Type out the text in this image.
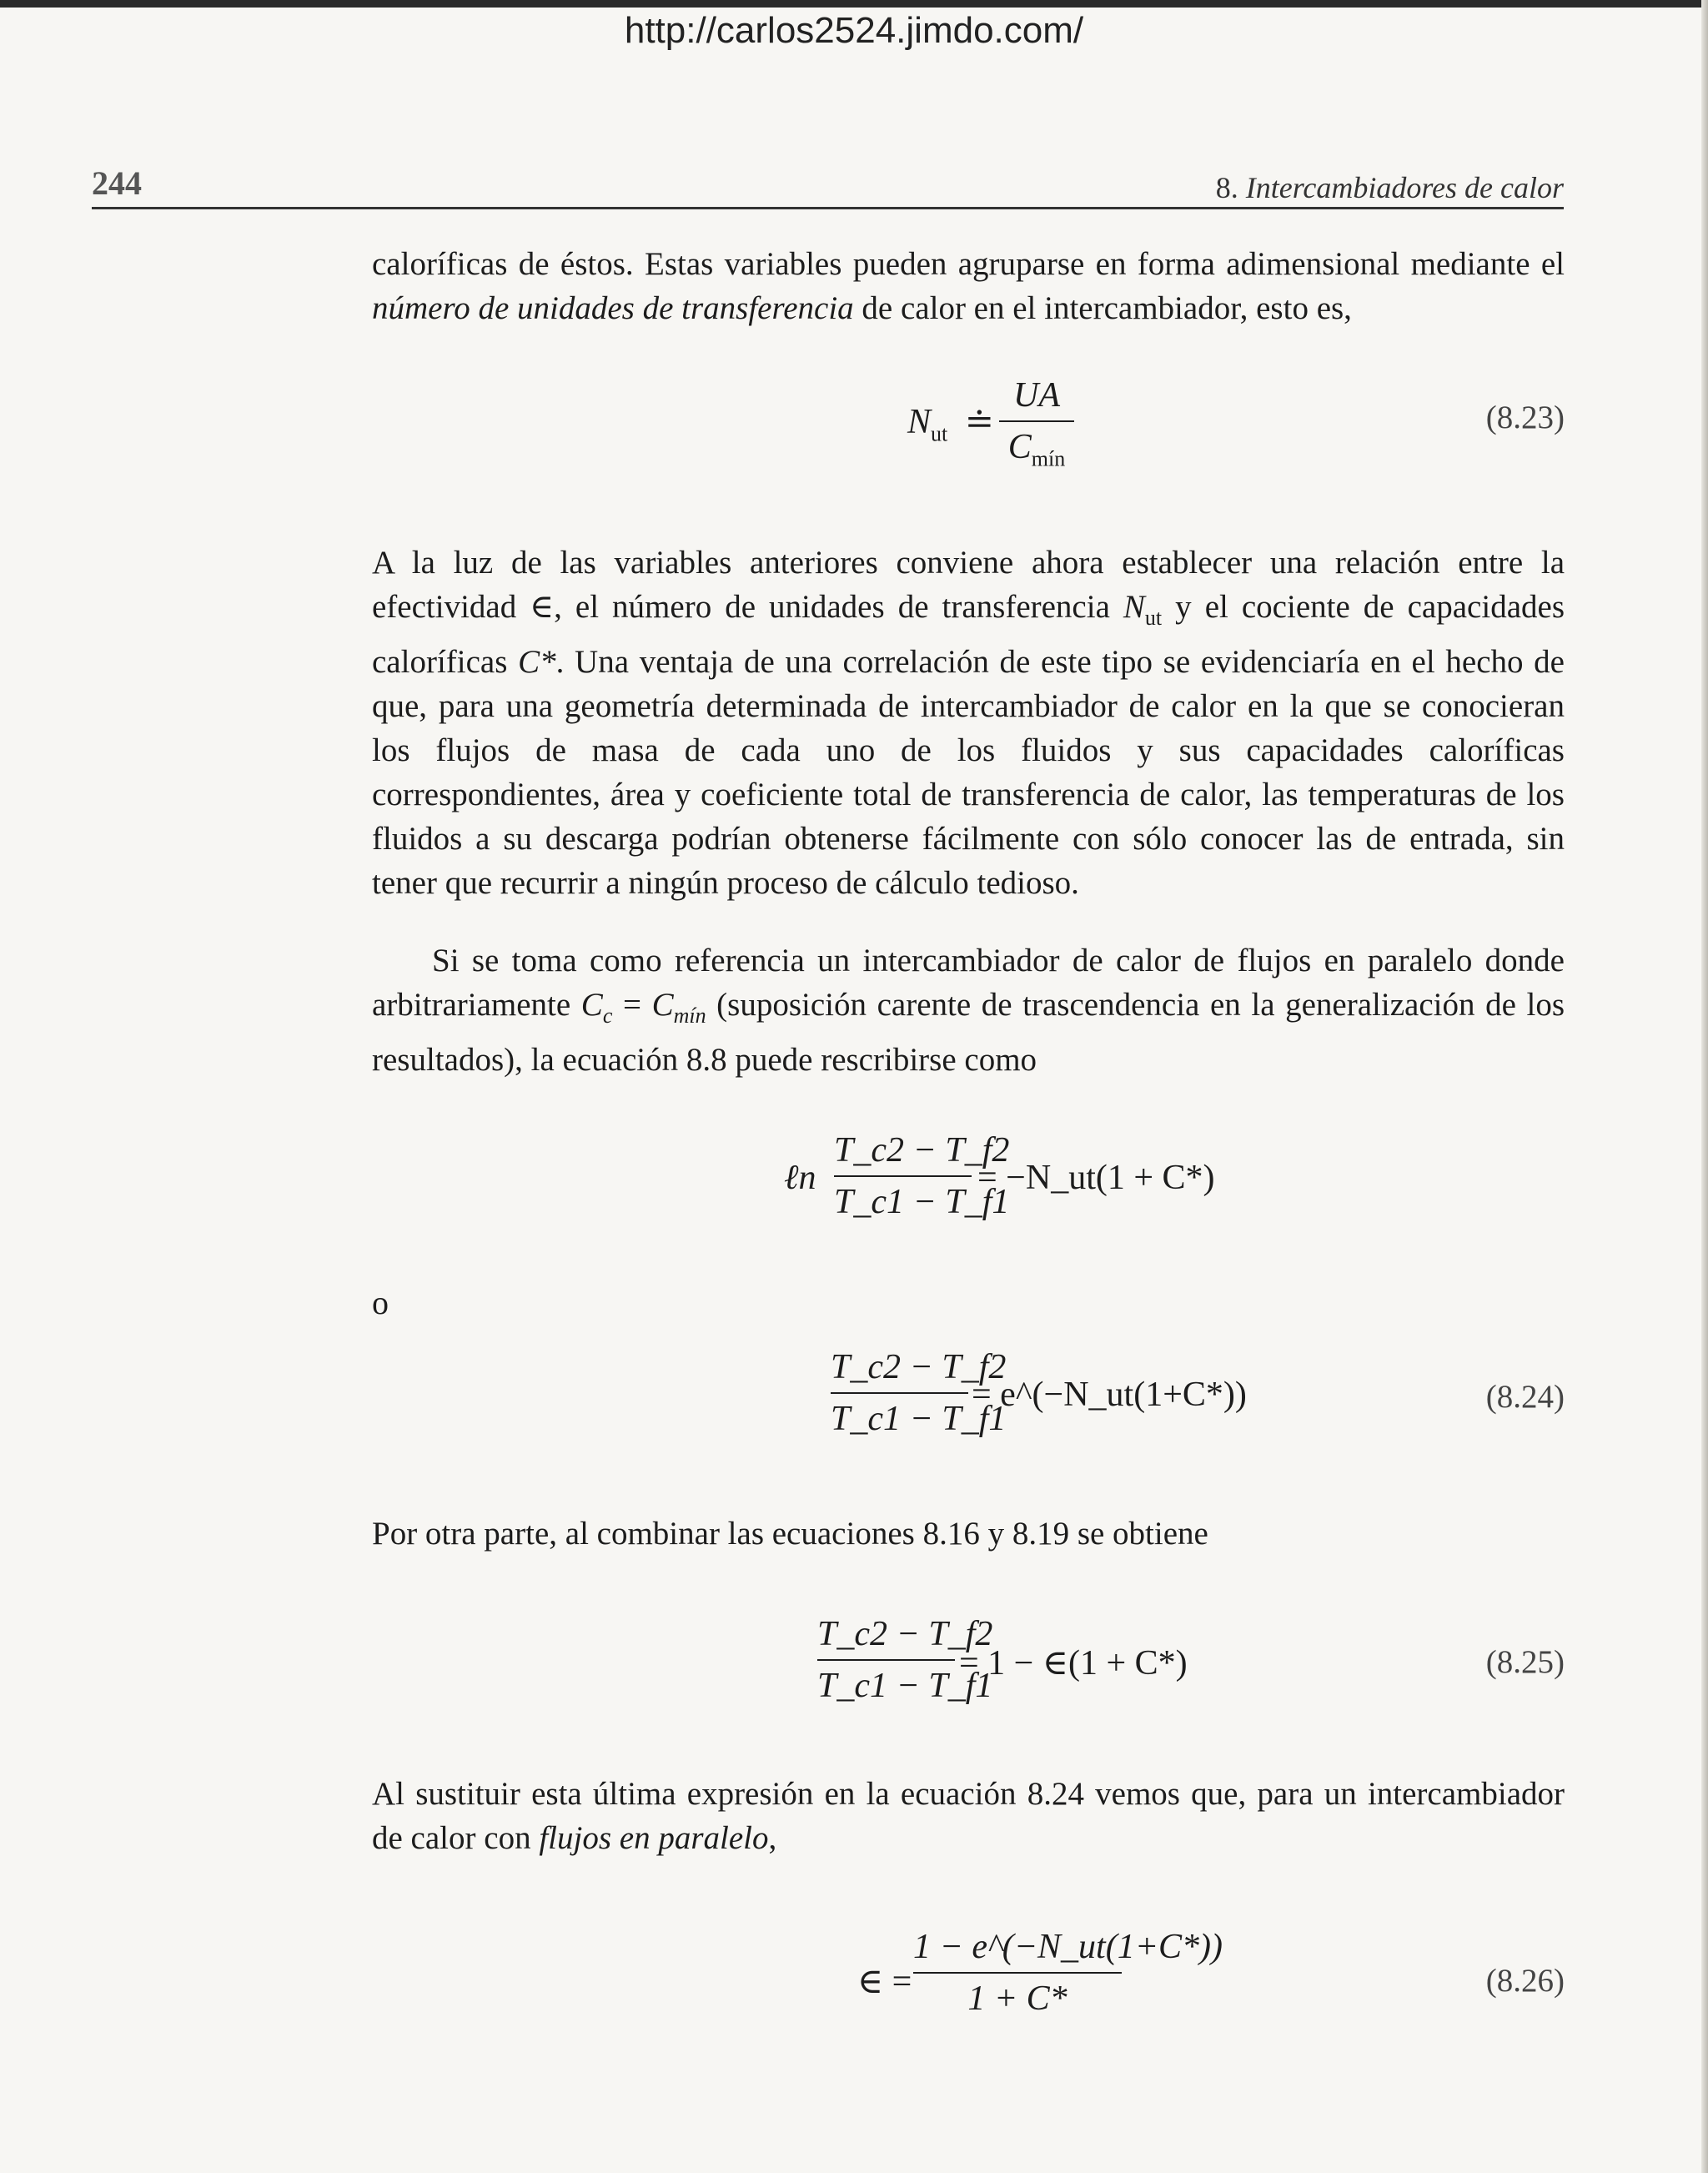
http://carlos2524.jimdo.com/
244	8. Intercambiadores de calor
caloríficas de éstos. Estas variables pueden agruparse en forma adimensional mediante el número de unidades de transferencia de calor en el intercambiador, esto es,
$N_{ut}$ ≐
UA
$C_{mín}$
(8.23)
A la luz de las variables anteriores conviene ahora establecer una relación entre la efectividad ∈, el número de unidades de transferencia $N_{ut}$ y el cociente de capacidades caloríficas C*. Una ventaja de una correlación de este tipo se evidenciaría en el hecho de que, para una geometría determinada de intercambiador de calor en la que se conocieran los flujos de masa de cada uno de los fluidos y sus capacidades caloríficas correspondientes, área y coeficiente total de transferencia de calor, las temperaturas de los fluidos a su descarga podrían obtenerse fácilmente con sólo conocer las de entrada, sin tener que recurrir a ningún proceso de cálculo tedioso.
Si se toma como referencia un intercambiador de calor de flujos en paralelo donde arbitrariamente $C_c = C_{mín}$ (suposición carente de trascendencia en la generalización de los resultados), la ecuación 8.8 puede rescribirse como
ℓn
T_c2 − T_f2
T_c1 − T_f1
= −N_ut(1 + C*)
o
T_c2 − T_f2
T_c1 − T_f1
= e^(−N_ut(1+C*))	(8.24)
Por otra parte, al combinar las ecuaciones 8.16 y 8.19 se obtiene
T_c2 − T_f2
T_c1 − T_f1
= 1 − ∈(1 + C*)	(8.25)
Al sustituir esta última expresión en la ecuación 8.24 vemos que, para un intercambiador de calor con flujos en paralelo,
∈ =
1 − e^(−N_ut(1+C*))
1 + C*	(8.26)
